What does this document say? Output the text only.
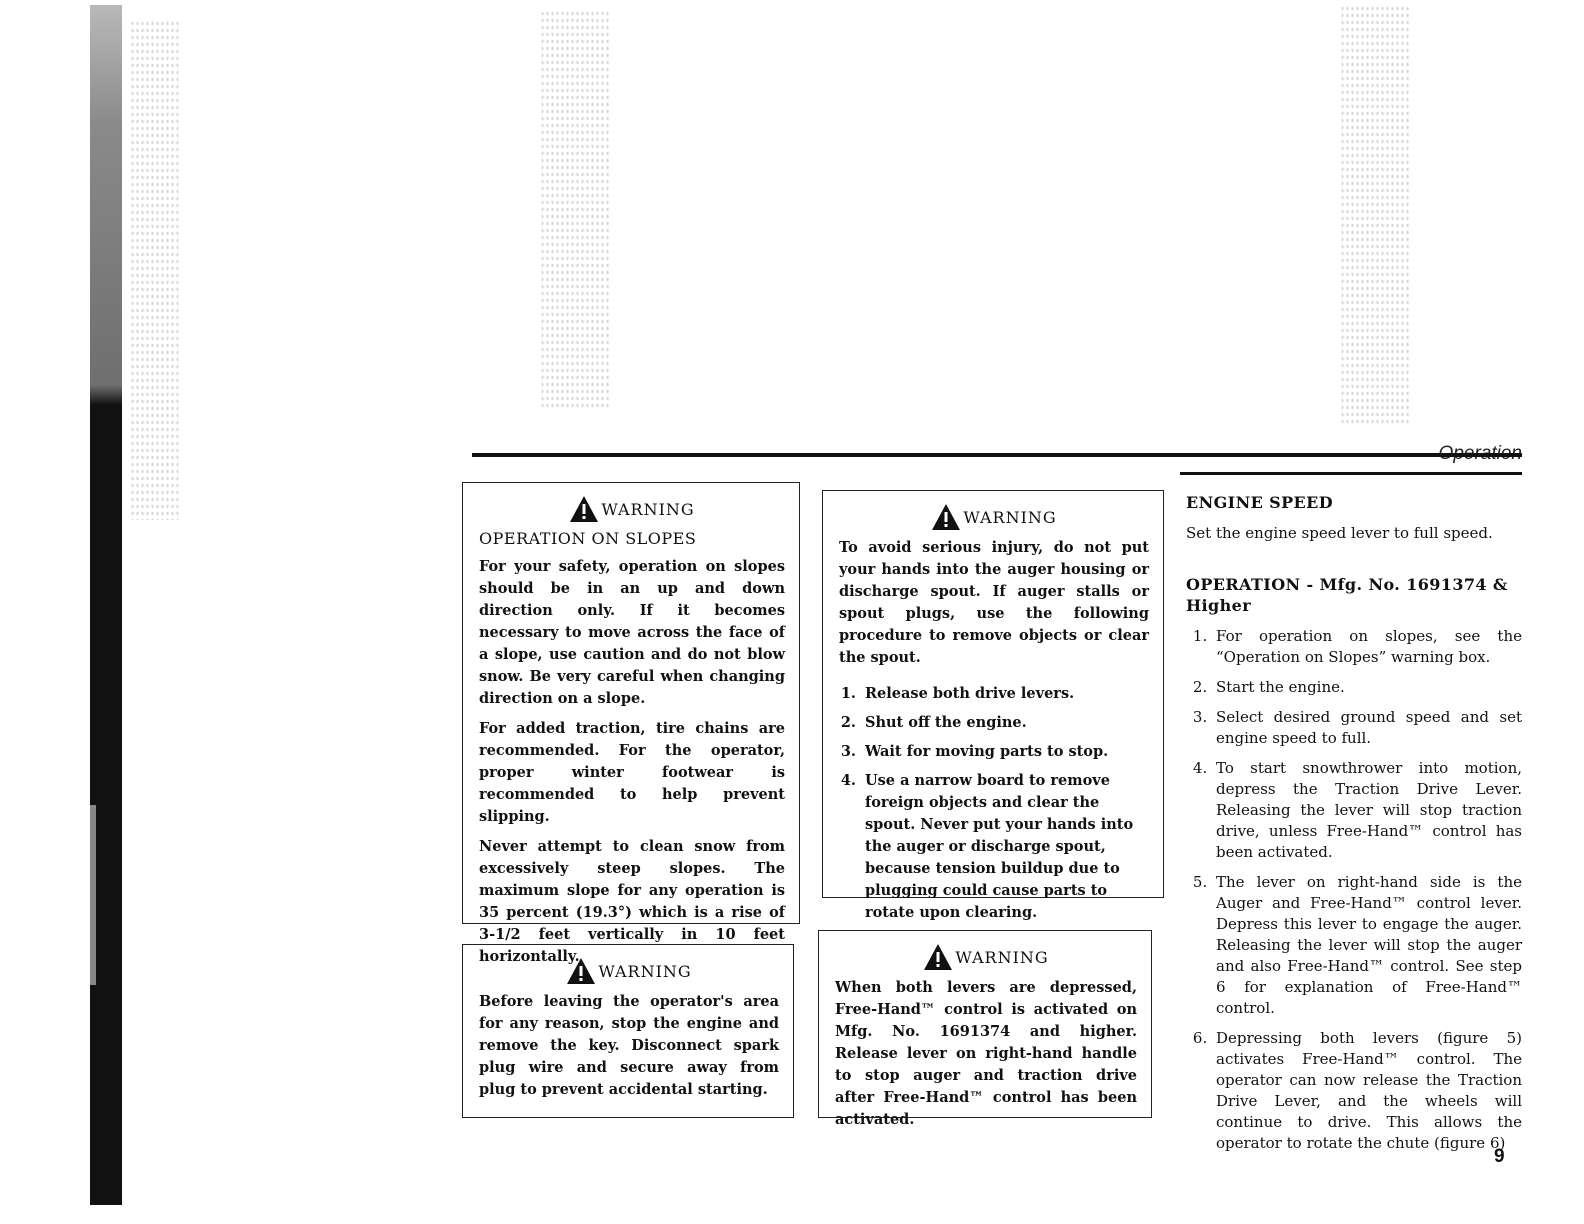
WARNING
OPERATION ON SLOPES

For your safety, operation on slopes should be in an up and down direction only. If it becomes necessary to move across the face of a slope, use caution and do not blow snow. Be very careful when changing direction on a slope.

For added traction, tire chains are recommended. For the operator, proper winter footwear is recommended to help prevent slipping.

Never attempt to clean snow from excessively steep slopes. The maximum slope for any operation is 35 percent (19.3°) which is a rise of 3-1/2 feet vertically in 10 feet horizontally.

WARNING

Before leaving the operator's area for any reason, stop the engine and remove the key. Disconnect spark plug wire and secure away from plug to prevent accidental starting.

WARNING

To avoid serious injury, do not put your hands into the auger housing or discharge spout. If auger stalls or spout plugs, use the following procedure to remove objects or clear the spout.

1. Release both drive levers.
2. Shut off the engine.
3. Wait for moving parts to stop.
4. Use a narrow board to remove foreign objects and clear the spout. Never put your hands into the auger or discharge spout, because tension buildup due to plugging could cause parts to rotate upon clearing.
WARNING

When both levers are depressed, Free-Hand™ control is activated on Mfg. No. 1691374 and higher. Release lever on right-hand handle to stop auger and traction drive after Free-Hand™ control has been activated.

ENGINE SPEED

Set the engine speed lever to full speed.

OPERATION - Mfg. No. 1691374 & Higher
1. For operation on slopes, see the “Operation on Slopes” warning box.
2. Start the engine.
3. Select desired ground speed and set engine speed to full.
4. To start snowthrower into motion, depress the Traction Drive Lever. Releasing the lever will stop traction drive, unless Free-Hand™ control has been activated.
5. The lever on right-hand side is the Auger and Free-Hand™ control lever. Depress this lever to engage the auger. Releasing the lever will stop the auger and also Free-Hand™ control. See step 6 for explanation of Free-Hand™ control.
6. Depressing both levers (figure 5) activates Free-Hand™ control. The operator can now release the Traction Drive Lever, and the wheels will continue to drive. This allows the operator to rotate the chute (figure 6)
9
